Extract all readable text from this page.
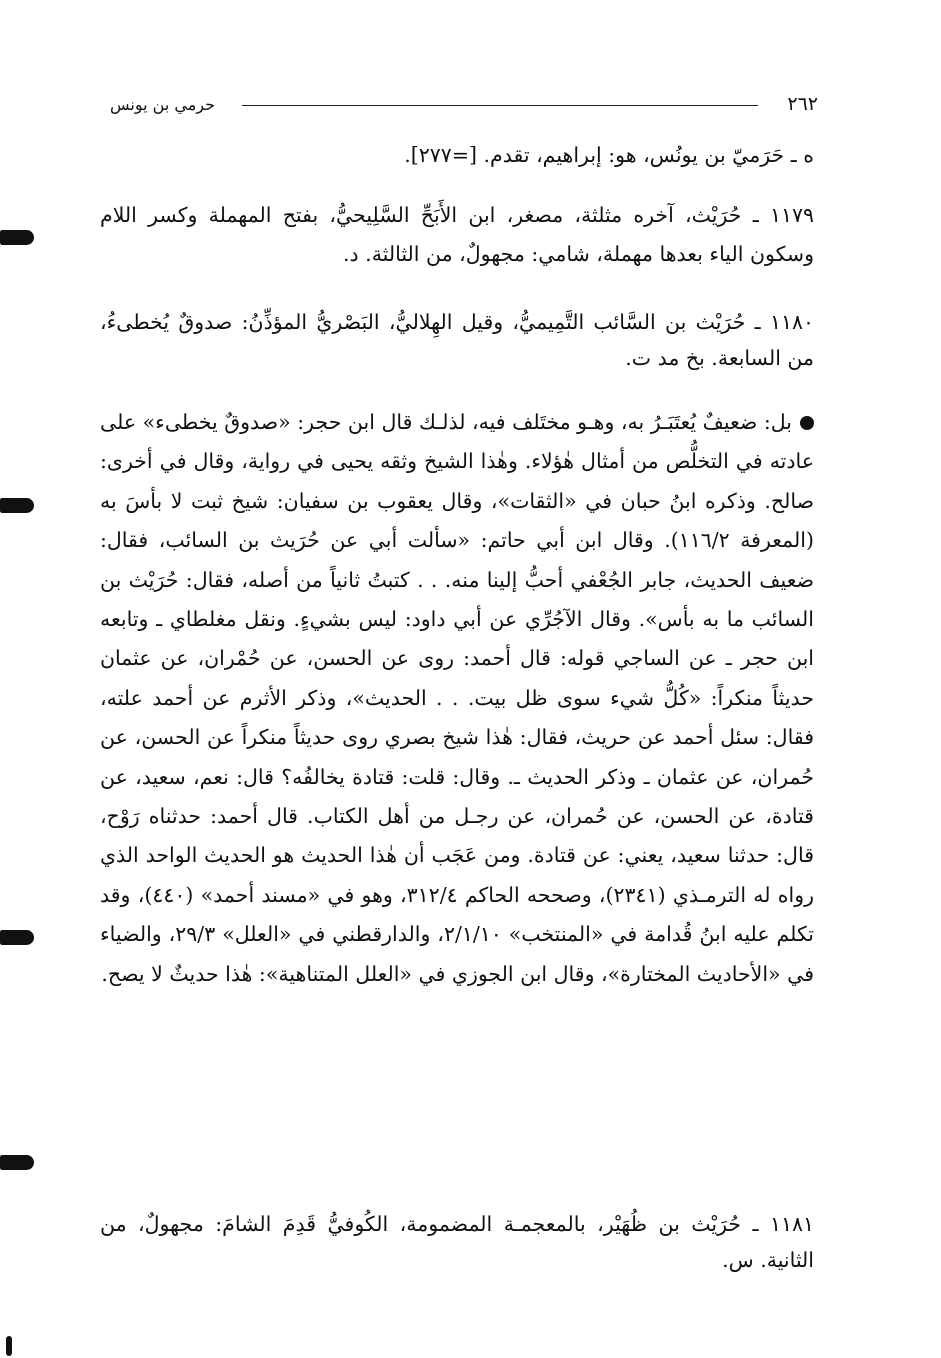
٢٦٢
حرمي بن يونس

ه ـ حَرَميّ بن يونُس، هو: إبراهيم، تقدم. [=٢٧٧].

١١٧٩ ـ حُرَيْث، آخره مثلثة، مصغر، ابن الأَبَحِّ السَّلِيحيُّ، بفتح المهملة وكسر اللام وسكون الياء بعدها مهملة، شامي: مجهولٌ، من الثالثة. د.

١١٨٠ ـ حُرَيْث بن السَّائب التَّمِيميُّ، وقيل الهِلاليُّ، البَصْريُّ المؤذِّنُ: صدوقٌ يُخطىءُ، من السابعة. بخ مد ت.

بل: ضعيفٌ يُعتَبَـرُ به، وهـو مختَلف فيه، لذلـك قال ابن حجر: «صدوقٌ يخطىء» على عادته في التخلُّص من أمثال هٰؤلاء. وهٰذا الشيخ وثقه يحيى في رواية، وقال في أخرى: صالح. وذكره ابنُ حبان في «الثقات»، وقال يعقوب بن سفيان: شيخ ثبت لا بأسَ به (المعرفة ١١٦/٢). وقال ابن أبي حاتم: «سألت أبي عن حُرَيث بن السائب، فقال: ضعيف الحديث، جابر الجُعْفي أحبُّ إلينا منه. . . كتبتُ ثانياً من أصله، فقال: حُرَيْث بن السائب ما به بأس». وقال الآجُرِّي عن أبي داود: ليس بشيءٍ. ونقل مغلطاي ـ وتابعه ابن حجر ـ عن الساجي قوله: قال أحمد: روى عن الحسن، عن حُمْران، عن عثمان حديثاً منكراً: «كُلُّ شيء سوى ظل بيت. . . الحديث»، وذكر الأثرم عن أحمد علته، فقال: سئل أحمد عن حريث، فقال: هٰذا شيخ بصري روى حديثاً منكراً عن الحسن، عن حُمران، عن عثمان ـ وذكر الحديث ـ. وقال: قلت: قتادة يخالفُه؟ قال: نعم، سعيد، عن قتادة، عن الحسن، عن حُمران، عن رجـل من أهل الكتاب. قال أحمد: حدثناه رَوْح، قال: حدثنا سعيد، يعني: عن قتادة. ومن عَجَب أن هٰذا الحديث هو الحديث الواحد الذي رواه له الترمـذي (٢٣٤١)، وصححه الحاكم ٣١٢/٤، وهو في «مسند أحمد» (٤٤٠)، وقد تكلم عليه ابنُ قُدامة في «المنتخب» ٢/١/١٠، والدارقطني في «العلل» ٢٩/٣، والضياء في «الأحاديث المختارة»، وقال ابن الجوزي في «العلل المتناهية»: هٰذا حديثٌ لا يصح.

١١٨١ ـ حُرَيْث بن ظُهَيْر، بالمعجمـة المضمومة، الكُوفيُّ قَدِمَ الشامَ: مجهولٌ، من الثانية. س.
